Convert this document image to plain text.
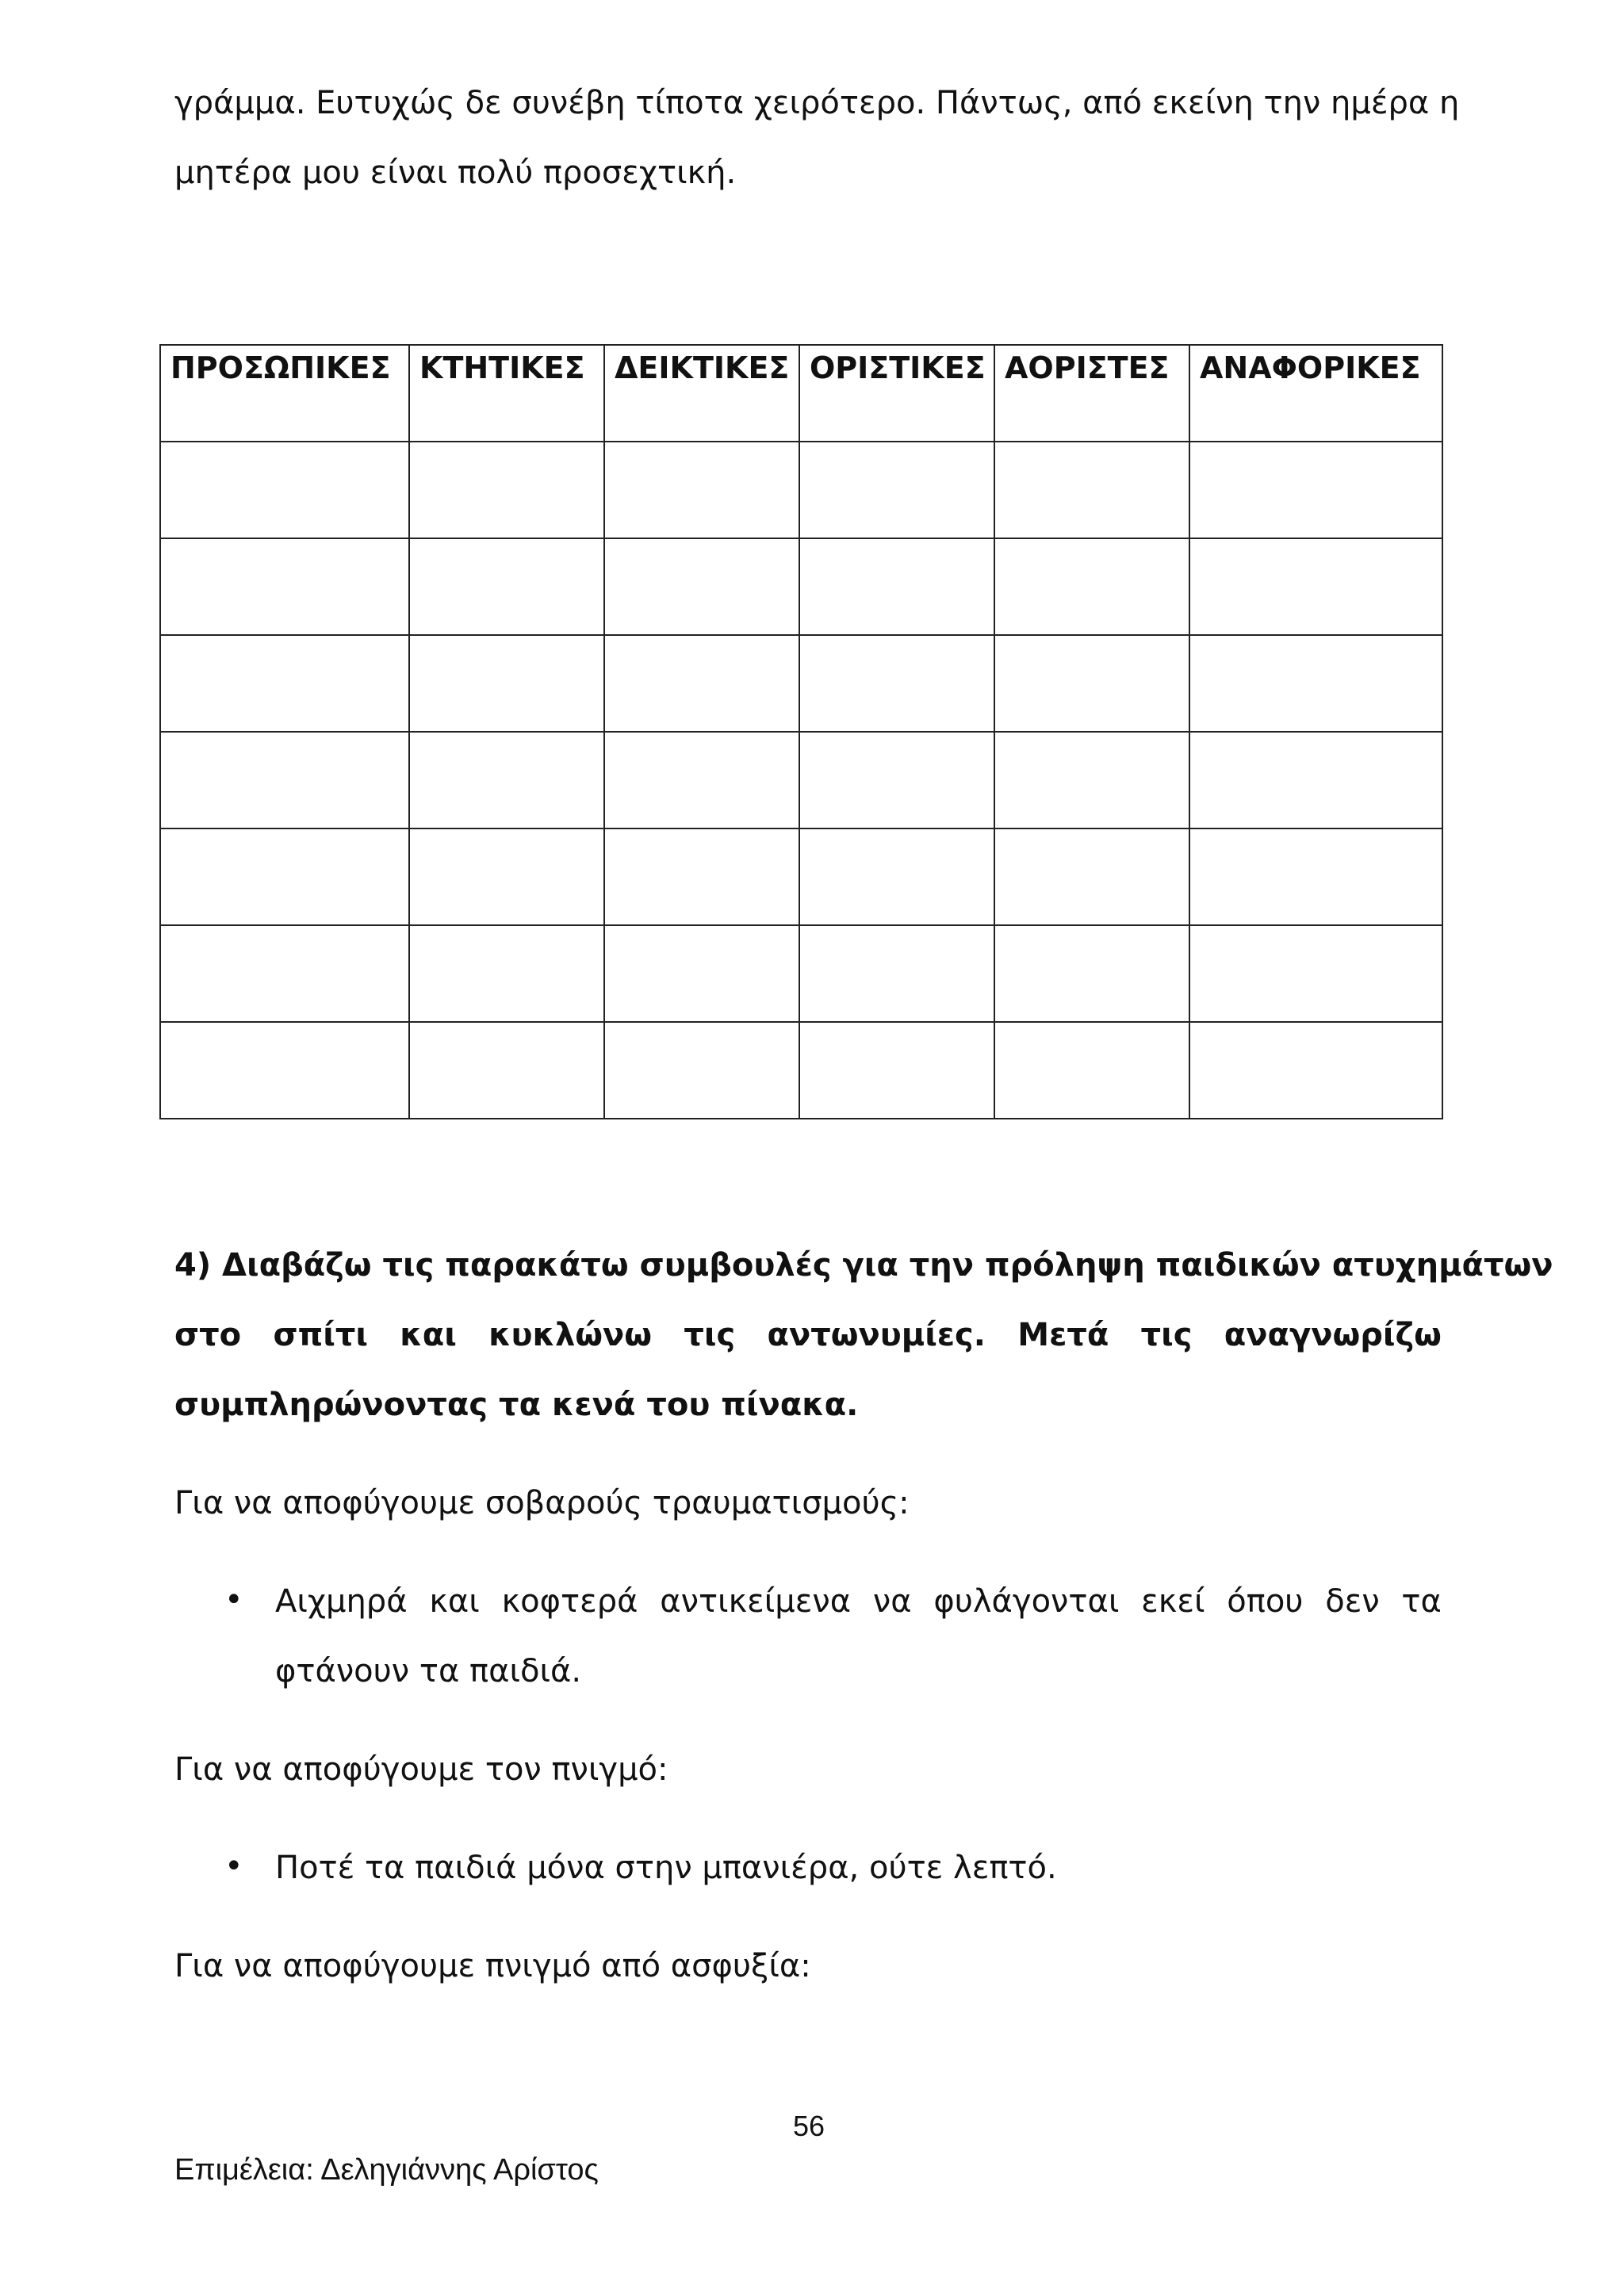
γράμμα. Ευτυχώς δε συνέβη τίποτα χειρότερο. Πάντως, από εκείνη την ημέρα η
μητέρα μου είναι πολύ προσεχτική.
ΠΡΟΣΩΠΙΚΕΣ	ΚΤΗΤΙΚΕΣ	ΔΕΙΚΤΙΚΕΣ	ΟΡΙΣΤΙΚΕΣ	ΑΟΡΙΣΤΕΣ	ΑΝΑΦΟΡΙΚΕΣ

4) Διαβάζω τις παρακάτω συμβουλές για την πρόληψη παιδικών ατυχημάτων
στο σπίτι και κυκλώνω τις αντωνυμίες. Μετά τις αναγνωρίζω
συμπληρώνοντας τα κενά του πίνακα.
Για να αποφύγουμε σοβαρούς τραυματισμούς:
• Αιχμηρά και κοφτερά αντικείμενα να φυλάγονται εκεί όπου δεν τα
φτάνουν τα παιδιά.
Για να αποφύγουμε τον πνιγμό:
• Ποτέ τα παιδιά μόνα στην μπανιέρα, ούτε λεπτό.
Για να αποφύγουμε πνιγμό από ασφυξία:
56
Επιμέλεια: Δεληγιάννης Αρίστος
